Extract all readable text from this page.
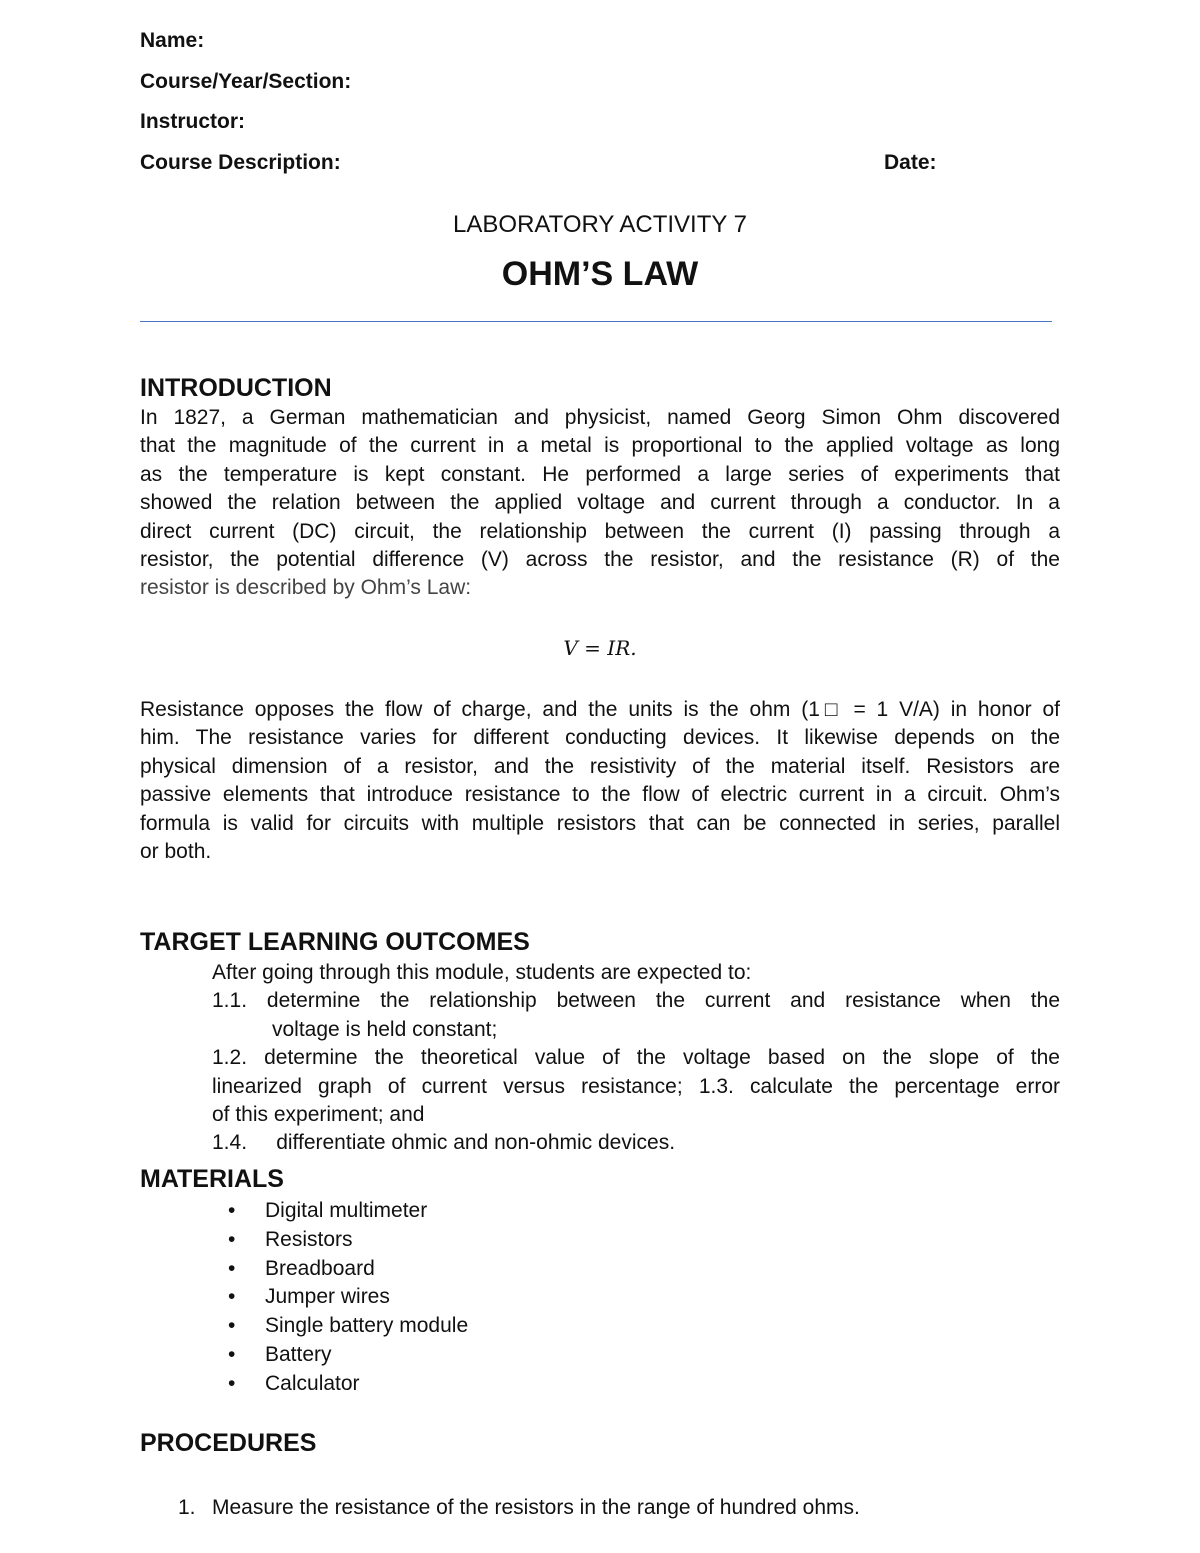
Name:
Course/Year/Section:
Instructor:
Course Description:	Date:
LABORATORY ACTIVITY 7
OHM’S LAW
INTRODUCTION
In 1827, a German mathematician and physicist, named Georg Simon Ohm discovered
that the magnitude of the current in a metal is proportional to the applied voltage as long
as the temperature is kept constant. He performed a large series of experiments that
showed the relation between the applied voltage and current through a conductor. In a
direct current (DC) circuit, the relationship between the current (I) passing through a
resistor, the potential difference (V) across the resistor, and the resistance (R) of the
resistor is described by Ohm’s Law:
V = IR.
Resistance opposes the flow of charge, and the units is the ohm (1□ = 1 V/A) in honor of
him. The resistance varies for different conducting devices. It likewise depends on the
physical dimension of a resistor, and the resistivity of the material itself. Resistors are
passive elements that introduce resistance to the flow of electric current in a circuit. Ohm’s
formula is valid for circuits with multiple resistors that can be connected in series, parallel
or both.
TARGET LEARNING OUTCOMES
After going through this module, students are expected to:
1.1. determine the relationship between the current and resistance when the
voltage is held constant;
1.2. determine the theoretical value of the voltage based on the slope of the
linearized graph of current versus resistance; 1.3. calculate the percentage error
of this experiment; and
1.4.     differentiate ohmic and non-ohmic devices.
MATERIALS
• Digital multimeter
• Resistors
• Breadboard
• Jumper wires
• Single battery module
• Battery
• Calculator
PROCEDURES
1. Measure the resistance of the resistors in the range of hundred ohms.
